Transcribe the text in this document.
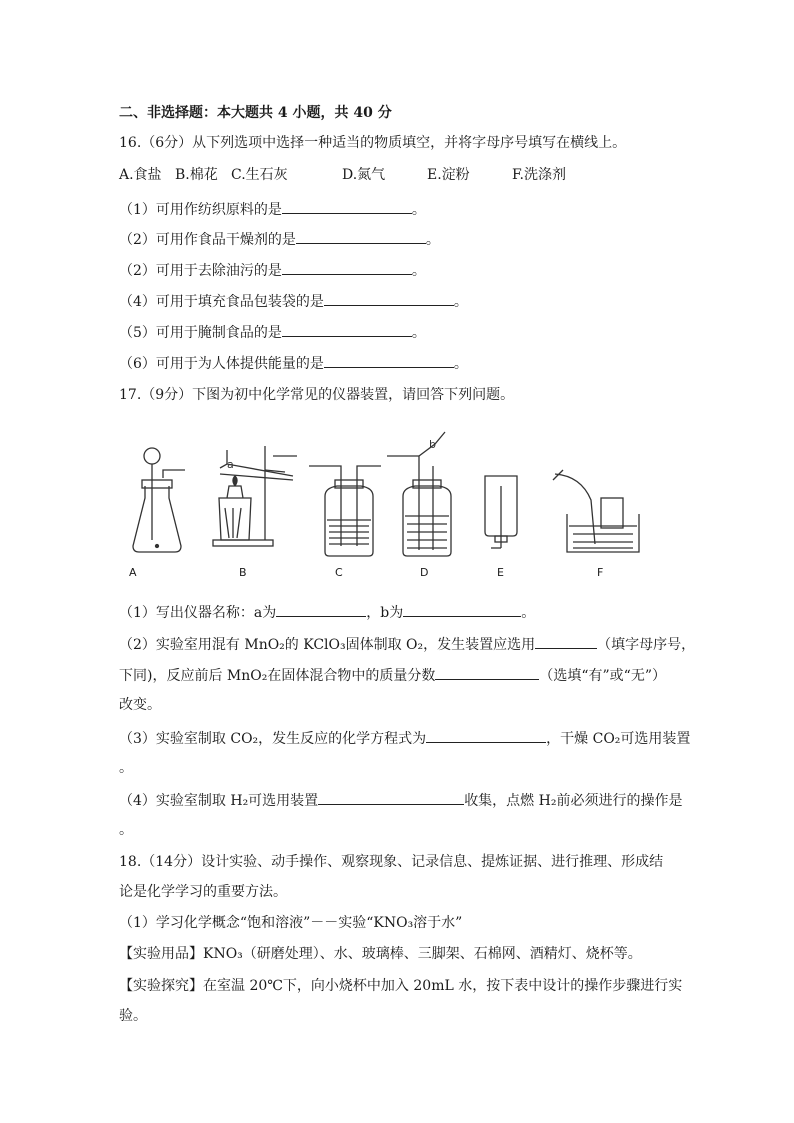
二、非选择题：本大题共 4 小题，共 40 分
16.（6分）从下列选项中选择一种适当的物质填空，并将字母序号填写在横线上。
A.食盐 B.棉花 C.生石灰	D.氮气	E.淀粉	F.洗涤剂
（1）可用作纺织原料的是	。
（2）可用作食品干燥剂的是	。
（2）可用于去除油污的是	。
（4）可用于填充食品包装袋的是	。
（5）可用于腌制食品的是	。
（6）可用于为人体提供能量的是	。
17.（9分）下图为初中化学常见的仪器装置，请回答下列问题。
a
b
A	B	C	D	E	F
（1）写出仪器名称：a为	，b为	。
（2）实验室用混有 MnO₂的 KClO₃固体制取 O₂，发生装置应选用	（填字母序号，
下同)，反应前后 MnO₂在固体混合物中的质量分数	（选填“有”或“无”）
改变。
（3）实验室制取 CO₂，发生反应的化学方程式为	，干燥 CO₂可选用装置
。
（4）实验室制取 H₂可选用装置	收集，点燃 H₂前必须进行的操作是
。
18.（14分）设计实验、动手操作、观察现象、记录信息、提炼证据、进行推理、形成结
论是化学学习的重要方法。
（1）学习化学概念“饱和溶液”－－实验“KNO₃溶于水”
【实验用品】KNO₃（研磨处理）、水、玻璃棒、三脚架、石棉网、酒精灯、烧杯等。
【实验探究】在室温 20℃下，向小烧杯中加入 20mL 水，按下表中设计的操作步骤进行实
验。
